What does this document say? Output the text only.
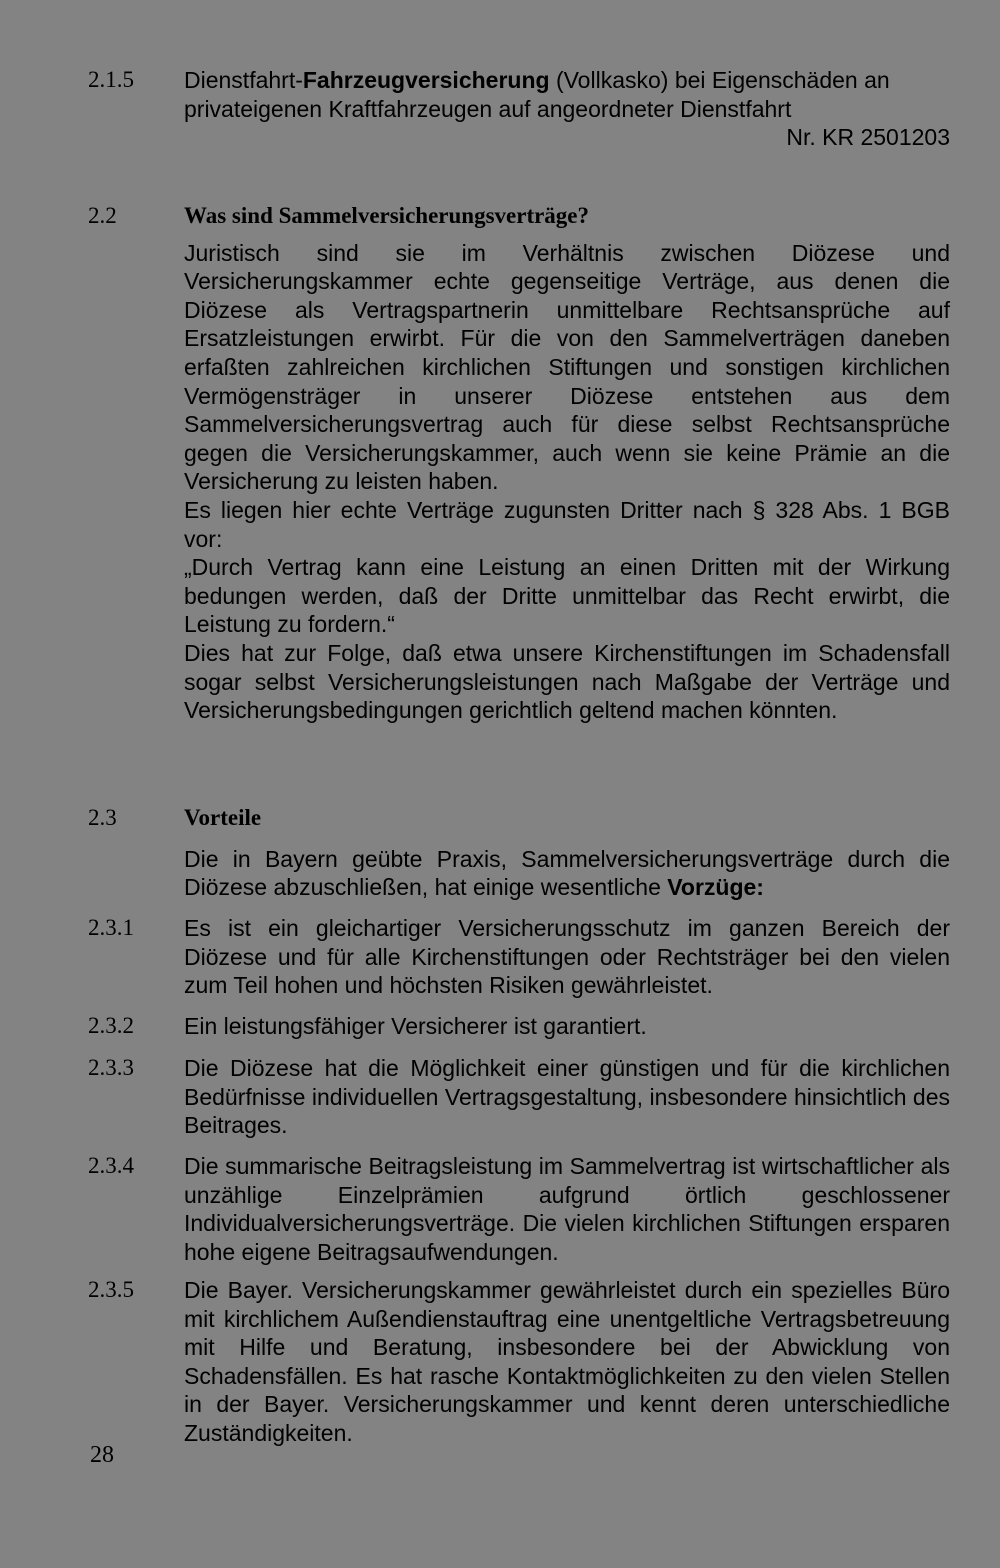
2.1.5	Dienstfahrt-Fahrzeugversicherung (Vollkasko) bei Eigenschäden an privateigenen Kraftfahrzeugen auf angeordneter Dienstfahrt
Nr. KR 2501203
2.2	Was sind Sammelversicherungsverträge?

Juristisch sind sie im Verhältnis zwischen Diözese und Versicherungskammer echte gegenseitige Verträge, aus denen die Diözese als Vertragspartnerin unmittelbare Rechtsansprüche auf Ersatzleistungen erwirbt. Für die von den Sammelverträgen daneben erfaßten zahlreichen kirchlichen Stiftungen und sonstigen kirchlichen Vermögensträger in unserer Diözese entstehen aus dem Sammelversicherungsvertrag auch für diese selbst Rechtsansprüche gegen die Versicherungskammer, auch wenn sie keine Prämie an die Versicherung zu leisten haben.

Es liegen hier echte Verträge zugunsten Dritter nach § 328 Abs. 1 BGB vor:

„Durch Vertrag kann eine Leistung an einen Dritten mit der Wirkung bedungen werden, daß der Dritte unmittelbar das Recht erwirbt, die Leistung zu fordern.“

Dies hat zur Folge, daß etwa unsere Kirchenstiftungen im Schadensfall sogar selbst Versicherungsleistungen nach Maßgabe der Verträge und Versicherungsbedingungen gerichtlich geltend machen könnten.

2.3	Vorteile

Die in Bayern geübte Praxis, Sammelversicherungsverträge durch die Diözese abzuschließen, hat einige wesentliche Vorzüge:

2.3.1	Es ist ein gleichartiger Versicherungsschutz im ganzen Bereich der Diözese und für alle Kirchenstiftungen oder Rechtsträger bei den vielen zum Teil hohen und höchsten Risiken gewährleistet.
2.3.2	Ein leistungsfähiger Versicherer ist garantiert.
2.3.3	Die Diözese hat die Möglichkeit einer günstigen und für die kirchlichen Bedürfnisse individuellen Vertragsgestaltung, insbesondere hinsichtlich des Beitrages.
2.3.4	Die summarische Beitragsleistung im Sammelvertrag ist wirtschaftlicher als unzählige Einzelprämien aufgrund örtlich geschlossener Individualversicherungsverträge. Die vielen kirchlichen Stiftungen ersparen hohe eigene Beitragsaufwendungen.
2.3.5	Die Bayer. Versicherungskammer gewährleistet durch ein spezielles Büro mit kirchlichem Außendienstauftrag eine unentgeltliche Vertragsbetreuung mit Hilfe und Beratung, insbesondere bei der Abwicklung von Schadensfällen. Es hat rasche Kontaktmöglichkeiten zu den vielen Stellen in der Bayer. Versicherungskammer und kennt deren unterschiedliche Zuständigkeiten.
28
